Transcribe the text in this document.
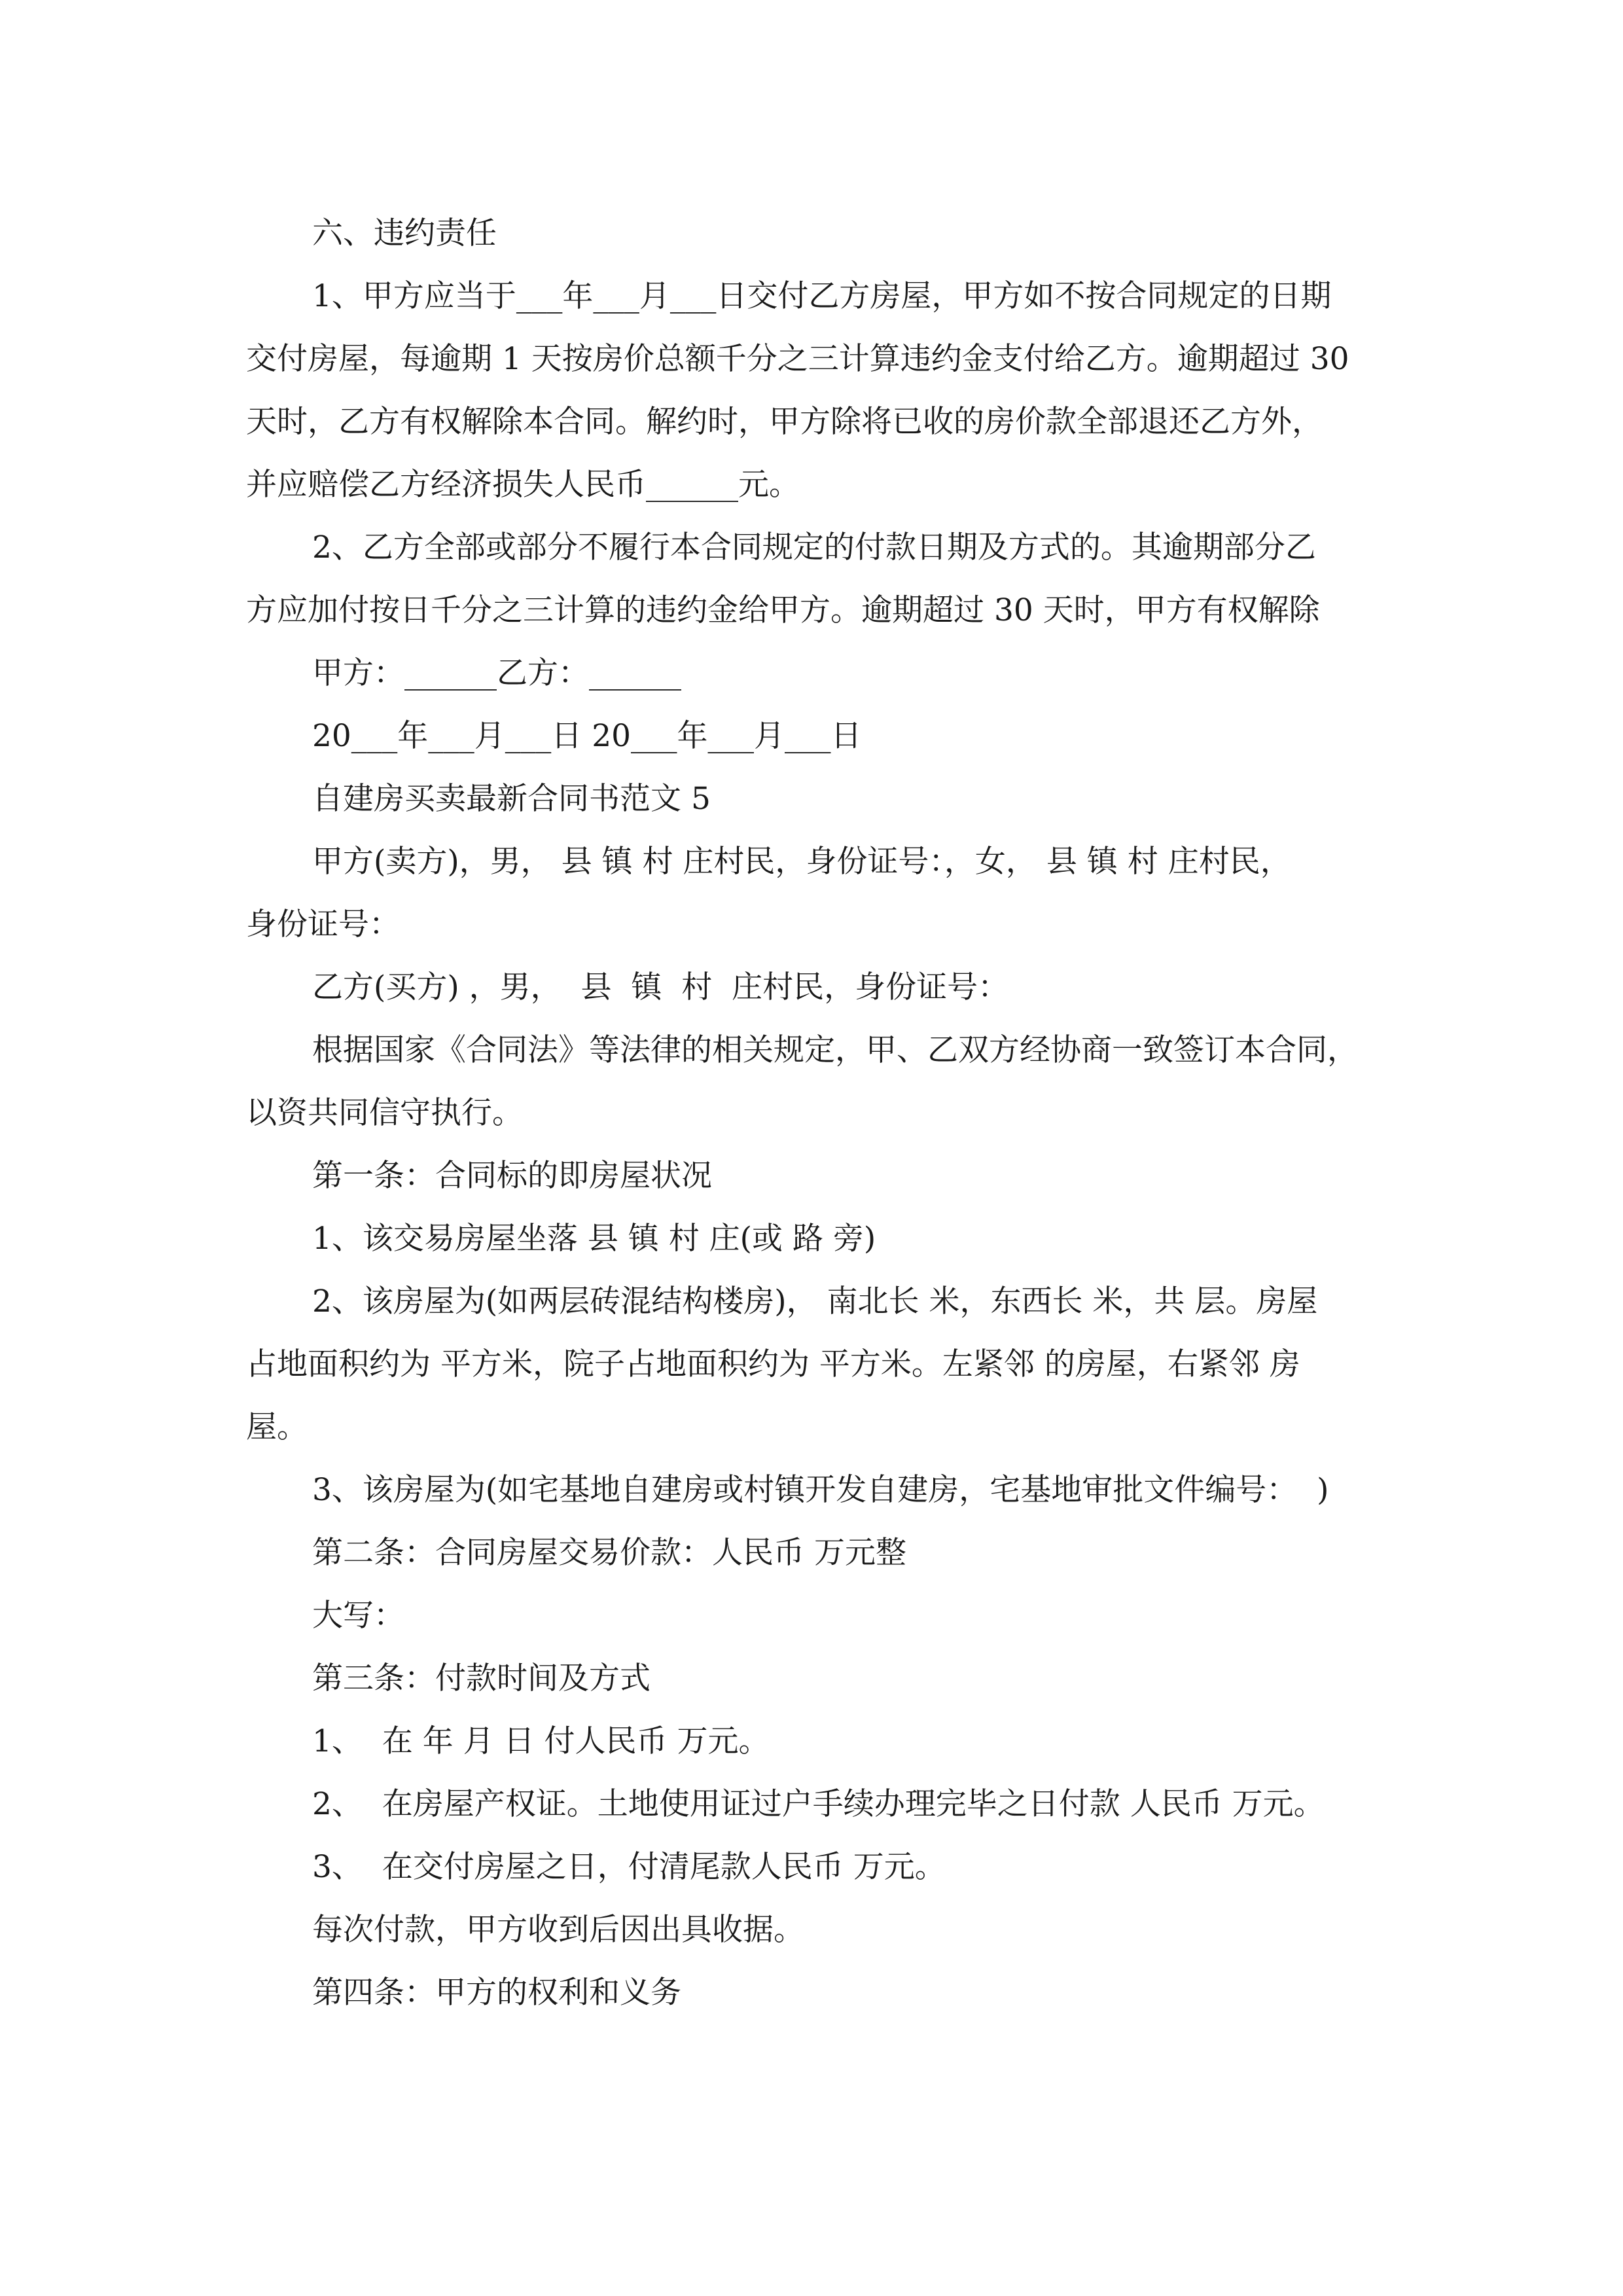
六、违约责任
1、甲方应当于___年___月___日交付乙方房屋，甲方如不按合同规定的日期
交付房屋，每逾期 1 天按房价总额千分之三计算违约金支付给乙方。逾期超过 30
天时，乙方有权解除本合同。解约时，甲方除将已收的房价款全部退还乙方外，
并应赔偿乙方经济损失人民币______元。
2、乙方全部或部分不履行本合同规定的付款日期及方式的。其逾期部分乙
方应加付按日千分之三计算的违约金给甲方。逾期超过 30 天时，甲方有权解除
甲方：______乙方：______
20___年___月___日 20___年___月___日
自建房买卖最新合同书范文 5
甲方(卖方)，男， 县 镇 村 庄村民，身份证号：，女， 县 镇 村 庄村民，
身份证号：
乙方(买方) ，男，  县  镇  村  庄村民，身份证号：
根据国家《合同法》等法律的相关规定，甲、乙双方经协商一致签订本合同，
以资共同信守执行。
第一条：合同标的即房屋状况
1、该交易房屋坐落 县 镇 村 庄(或 路 旁)
2、该房屋为(如两层砖混结构楼房)， 南北长 米，东西长 米，共 层。房屋
占地面积约为 平方米，院子占地面积约为 平方米。左紧邻 的房屋，右紧邻 房
屋。
3、该房屋为(如宅基地自建房或村镇开发自建房，宅基地审批文件编号：  )
第二条：合同房屋交易价款：人民币 万元整
大写：
第三条：付款时间及方式
1、  在 年 月 日 付人民币 万元。
2、  在房屋产权证。土地使用证过户手续办理完毕之日付款 人民币 万元。
3、  在交付房屋之日，付清尾款人民币 万元。
每次付款，甲方收到后因出具收据。
第四条：甲方的权利和义务
